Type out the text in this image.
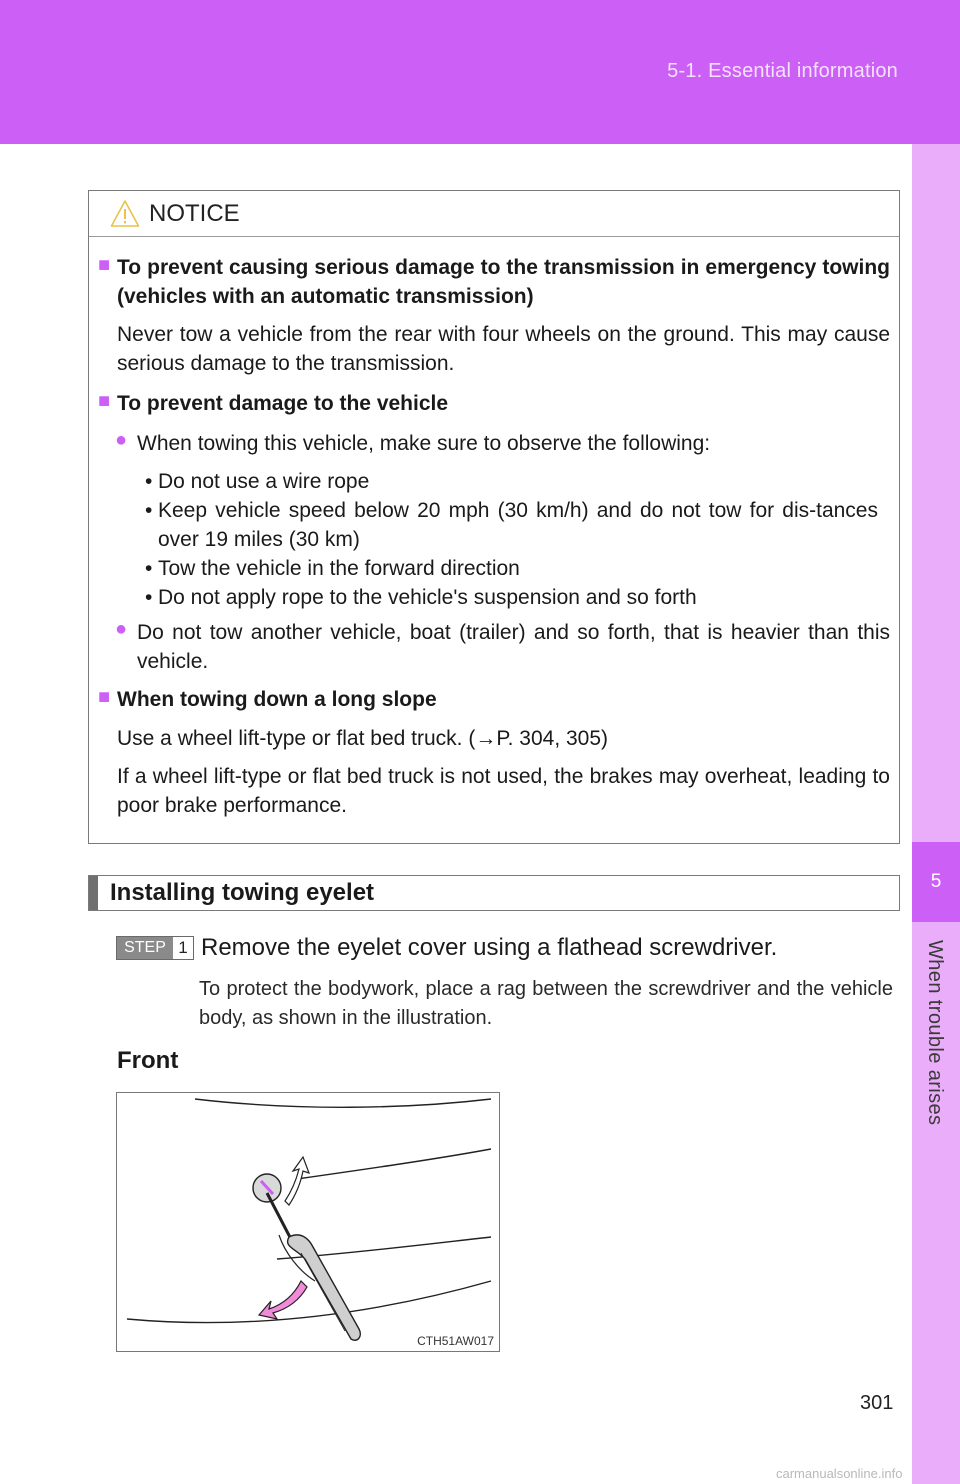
5-1. Essential information
5
When trouble arises
NOTICE
■ To prevent causing serious damage to the transmission in emergency towing (vehicles with an automatic transmission)
Never tow a vehicle from the rear with four wheels on the ground. This may cause serious damage to the transmission.
■ To prevent damage to the vehicle
● When towing this vehicle, make sure to observe the following:
• Do not use a wire rope
• Keep vehicle speed below 20 mph (30 km/h) and do not tow for dis-tances over 19 miles (30 km)
• Tow the vehicle in the forward direction
• Do not apply rope to the vehicle's suspension and so forth
● Do not tow another vehicle, boat (trailer) and so forth, that is heavier than this vehicle.
■ When towing down a long slope
Use a wheel lift-type or flat bed truck. (→P. 304, 305)
If a wheel lift-type or flat bed truck is not used, the brakes may overheat, leading to poor brake performance.
Installing towing eyelet
STEP 1 Remove the eyelet cover using a flathead screwdriver.
To protect the bodywork, place a rag between the screwdriver and the vehicle body, as shown in the illustration.
Front
CTH51AW017
301
carmanualsonline.info
